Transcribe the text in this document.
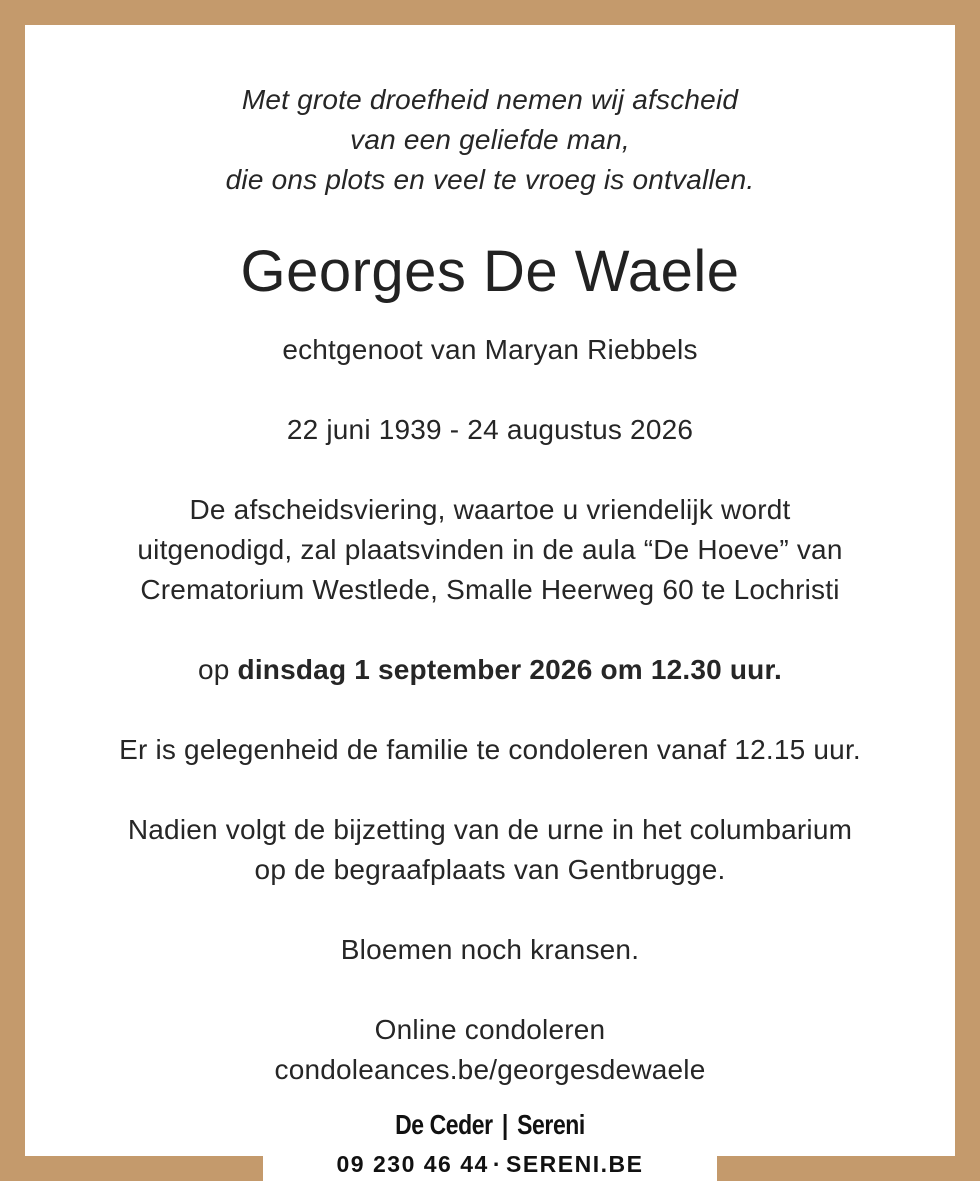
Met grote droefheid nemen wij afscheid
van een geliefde man,
die ons plots en veel te vroeg is ontvallen.
Georges De Waele
echtgenoot van Maryan Riebbels
22 juni 1939 - 24 augustus 2026
De afscheidsviering, waartoe u vriendelijk wordt
uitgenodigd, zal plaatsvinden in de aula “De Hoeve” van
Crematorium Westlede, Smalle Heerweg 60 te Lochristi
op dinsdag 1 september 2026 om 12.30 uur.
Er is gelegenheid de familie te condoleren vanaf 12.15 uur.
Nadien volgt de bijzetting van de urne in het columbarium
op de begraafplaats van Gentbrugge.
Bloemen noch kransen.
Online condoleren
condoleances.be/georgesdewaele
De Ceder | Sereni
09 230 46 44 · SERENI.BE
